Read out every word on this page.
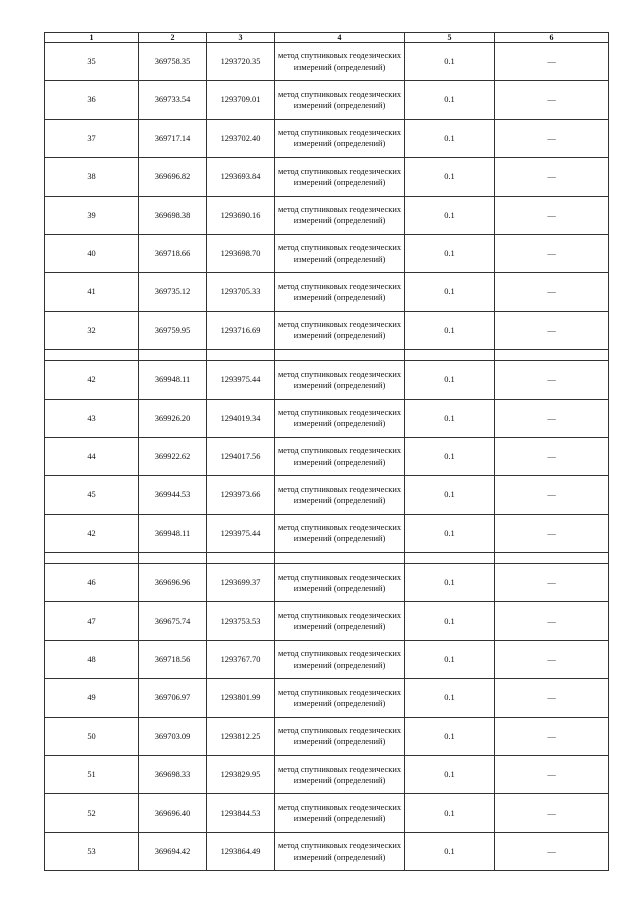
1	2	3	4	5	6
35	369758.35	1293720.35	метод спутниковых геодезических измерений (определений)	0.1	—
36	369733.54	1293709.01	метод спутниковых геодезических измерений (определений)	0.1	—
37	369717.14	1293702.40	метод спутниковых геодезических измерений (определений)	0.1	—
38	369696.82	1293693.84	метод спутниковых геодезических измерений (определений)	0.1	—
39	369698.38	1293690.16	метод спутниковых геодезических измерений (определений)	0.1	—
40	369718.66	1293698.70	метод спутниковых геодезических измерений (определений)	0.1	—
41	369735.12	1293705.33	метод спутниковых геодезических измерений (определений)	0.1	—
32	369759.95	1293716.69	метод спутниковых геодезических измерений (определений)	0.1	—

42	369948.11	1293975.44	метод спутниковых геодезических измерений (определений)	0.1	—
43	369926.20	1294019.34	метод спутниковых геодезических измерений (определений)	0.1	—
44	369922.62	1294017.56	метод спутниковых геодезических измерений (определений)	0.1	—
45	369944.53	1293973.66	метод спутниковых геодезических измерений (определений)	0.1	—
42	369948.11	1293975.44	метод спутниковых геодезических измерений (определений)	0.1	—

46	369696.96	1293699.37	метод спутниковых геодезических измерений (определений)	0.1	—
47	369675.74	1293753.53	метод спутниковых геодезических измерений (определений)	0.1	—
48	369718.56	1293767.70	метод спутниковых геодезических измерений (определений)	0.1	—
49	369706.97	1293801.99	метод спутниковых геодезических измерений (определений)	0.1	—
50	369703.09	1293812.25	метод спутниковых геодезических измерений (определений)	0.1	—
51	369698.33	1293829.95	метод спутниковых геодезических измерений (определений)	0.1	—
52	369696.40	1293844.53	метод спутниковых геодезических измерений (определений)	0.1	—
53	369694.42	1293864.49	метод спутниковых геодезических измерений (определений)	0.1	—
